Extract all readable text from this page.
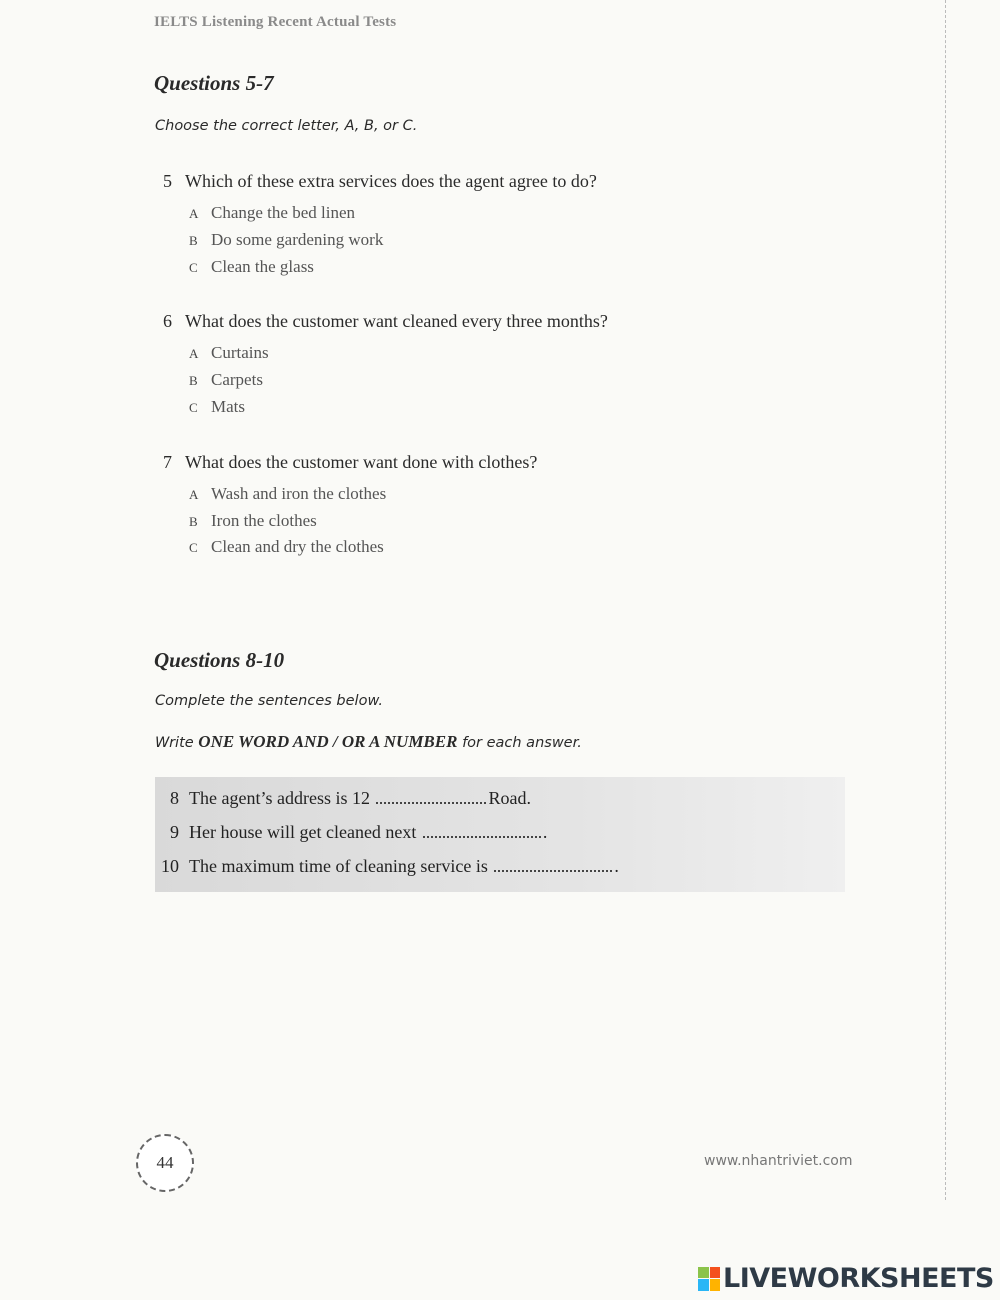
IELTS Listening Recent Actual Tests
Questions 5-7
Choose the correct letter, A, B, or C.
5 Which of these extra services does the agent agree to do?
A Change the bed linen
B Do some gardening work
C Clean the glass
6 What does the customer want cleaned every three months?
A Curtains
B Carpets
C Mats
7 What does the customer want done with clothes?
A Wash and iron the clothes
B Iron the clothes
C Clean and dry the clothes
Questions 8-10
Complete the sentences below.
Write ONE WORD AND / OR A NUMBER for each answer.
8 The agent’s address is 12	Road.
9 Her house will get cleaned next	.
10 The maximum time of cleaning service is	.
44	www.nhantriviet.com
LIVEWORKSHEETS
